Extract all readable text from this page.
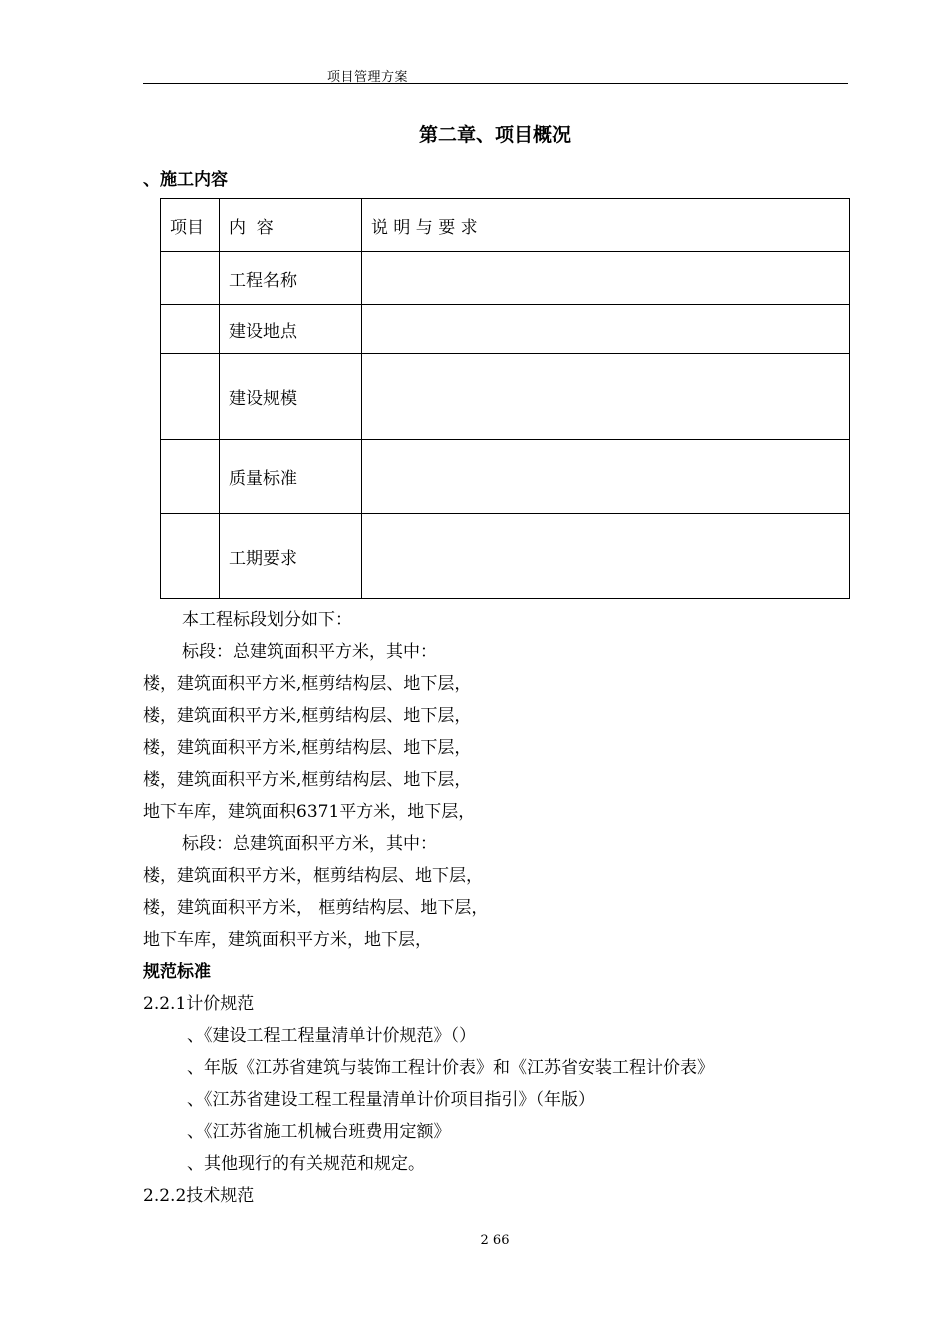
项目管理方案
第二章、项目概况
、施工内容
项目	内  容	说 明 与 要 求
	工程名称	
	建设地点	
	建设规模	
	质量标准	
	工期要求	
本工程标段划分如下：
标段：总建筑面积平方米，其中：
楼，建筑面积平方米,框剪结构层、地下层，
楼，建筑面积平方米,框剪结构层、地下层，
楼，建筑面积平方米,框剪结构层、地下层，
楼，建筑面积平方米,框剪结构层、地下层，
地下车库，建筑面积6371平方米，地下层，
标段：总建筑面积平方米，其中：
楼，建筑面积平方米，框剪结构层、地下层，
楼，建筑面积平方米， 框剪结构层、地下层，
地下车库，建筑面积平方米，地下层，
规范标准
2.2.1计价规范
、《建设工程工程量清单计价规范》（）
、年版《江苏省建筑与装饰工程计价表》和《江苏省安装工程计价表》
、《江苏省建设工程工程量清单计价项目指引》（年版）
、《江苏省施工机械台班费用定额》
、其他现行的有关规范和规定。
2.2.2技术规范
2 66
